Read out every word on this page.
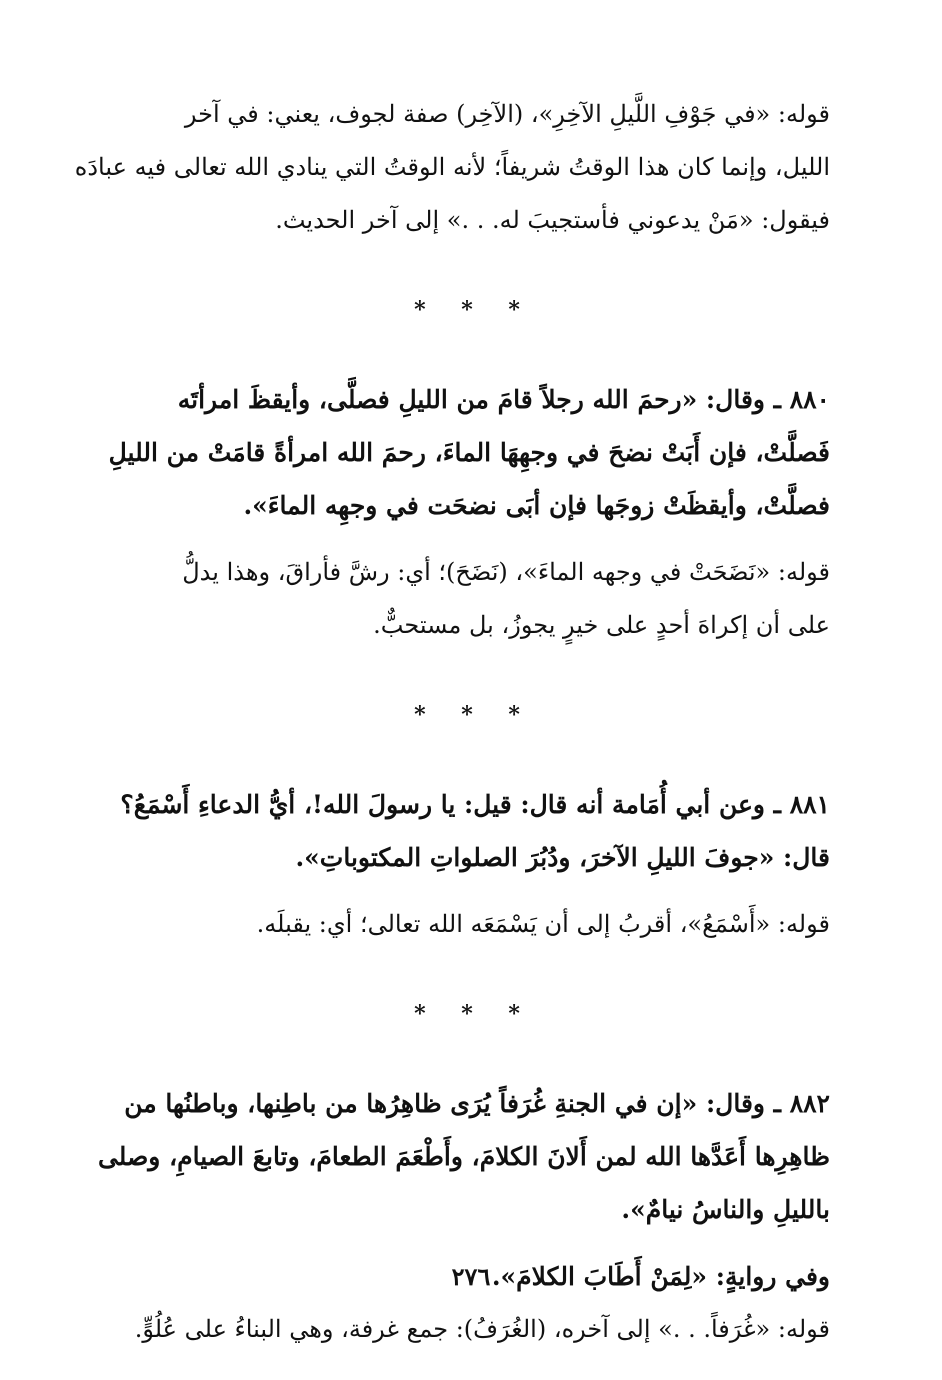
قوله: «في جَوْفِ اللَّيلِ الآخِرِ»، (الآخِر) صفة لجوف، يعني: في آخر
الليل، وإنما كان هذا الوقتُ شريفاً؛ لأنه الوقتُ التي ينادي الله تعالى فيه عبادَه
فيقول: «مَنْ يدعوني فأستجيبَ له. . .» إلى آخر الحديث.

* * *

٨٨٠ ـ وقال: «رحمَ الله رجلاً قامَ من الليلِ فصلَّى، وأيقظَ امرأتَه
فَصلَّتْ، فإن أَبَتْ نضحَ في وجهِهَا الماءَ، رحمَ الله امرأةً قامَتْ من الليلِ
فصلَّتْ، وأيقظَتْ زوجَها فإن أبَى نضحَت في وجهِه الماءَ».

قوله: «نَضَحَتْ في وجهه الماءَ»، (نَضَحَ)؛ أي: رشَّ فأراقَ، وهذا يدلُّ
على أن إكراهَ أحدٍ على خيرٍ يجوزُ، بل مستحبٌّ.

* * *

٨٨١ ـ وعن أبي أُمَامة أنه قال: قيل: يا رسولَ الله!، أيُّ الدعاءِ أَسْمَعُ؟
قال: «جوفَ الليلِ الآخرَ، ودُبُرَ الصلواتِ المكتوباتِ».

قوله: «أَسْمَعُ»، أقربُ إلى أن يَسْمَعَه الله تعالى؛ أي: يقبلَه.

* * *

٨٨٢ ـ وقال: «إن في الجنةِ غُرَفاً يُرَى ظاهِرُها من باطِنها، وباطنُها من
ظاهِرِها أَعَدَّها الله لمن أَلانَ الكلامَ، وأَطْعَمَ الطعامَ، وتابعَ الصيامِ، وصلى
بالليلِ والناسُ نيامٌ».

وفي روايةٍ: «لِمَنْ أَطَابَ الكلامَ».

قوله: «غُرَفاً. . .» إلى آخره، (الغُرَفُ): جمع غرفة، وهي البناءُ على عُلُوٍّ.

٢٧٦
